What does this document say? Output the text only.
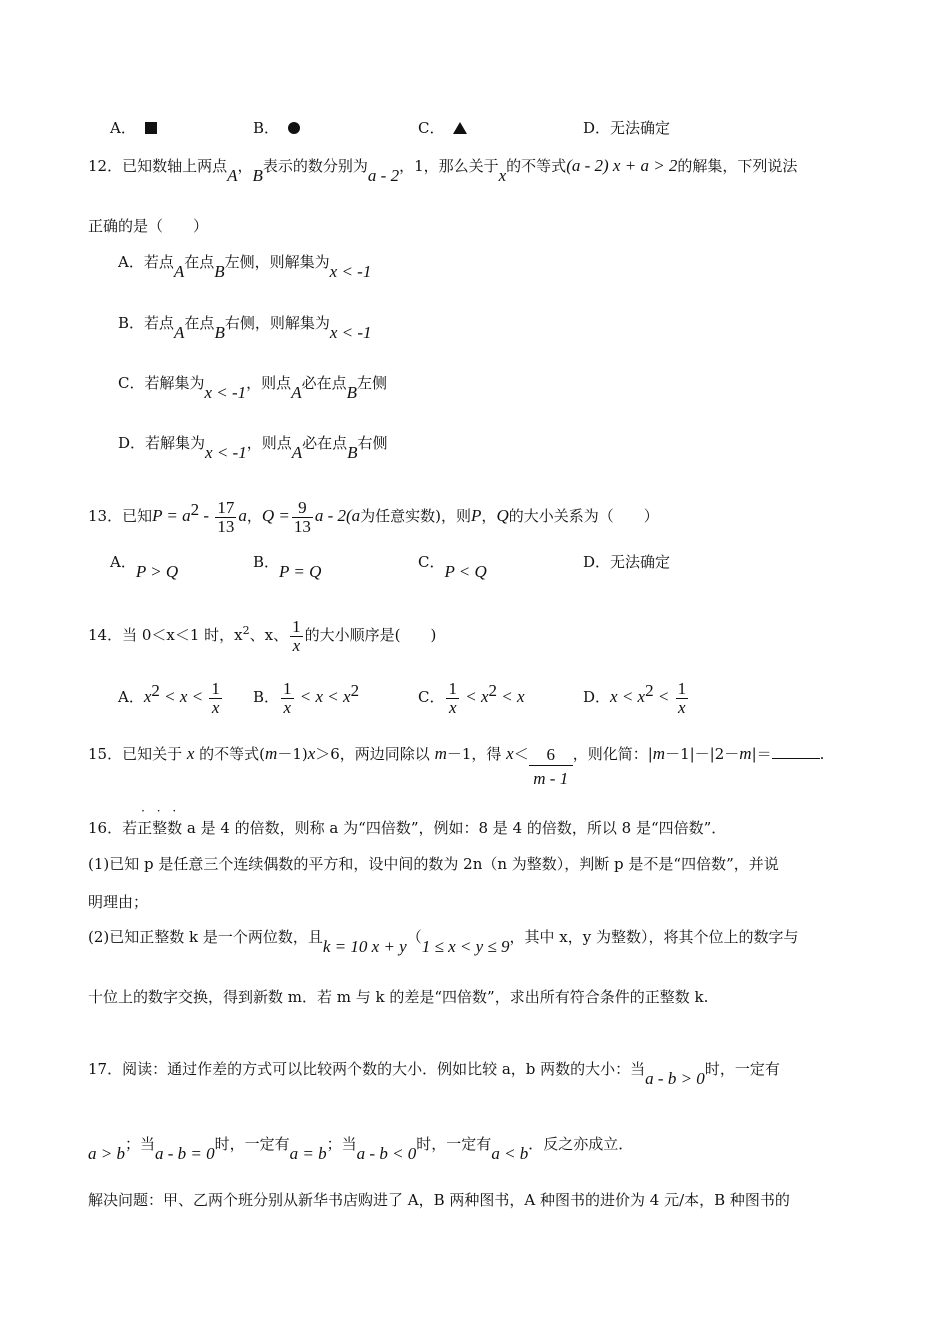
A．	B．	C．	D．无法确定
12．已知数轴上两点A，B表示的数分别为a - 2，1，那么关于x的不等式(a - 2) x + a > 2的解集，下列说法
正确的是（　　）
A．若点A在点B左侧，则解集为x < -1
B．若点A在点B右侧，则解集为x < -1
C．若解集为x < -1，则点A必在点B左侧
D．若解集为x < -1，则点A必在点B右侧
13．已知$P = a^2 - \frac{17}{13}$ a，$Q = \frac{9}{13}$ a - 2(a为任意实数)，则P，Q的大小关系为（　　）
A．P > Q	B．P = Q	C．P < Q	D．无法确定
14．当 0＜x＜1 时，$x^2$、x、 $\frac{1}{x}$ 的大小顺序是(　　)
A．$x^2 < x < \frac{1}{x}$ B． $\frac{1}{x} < x < x^2$	C． $\frac{1}{x} < x^2 < x$	D．$x < x^2 < \frac{1}{x}$
15．已知关于 x 的不等式(m－1)x＞6，两边同除以 m－1，得 $x< \frac{6}{m - 1}$ ，则化简：|m－1|－|2－m|＝	.
16．若· · · 正整数 a 是 4 的倍数，则称 a 为“四倍数”，例如：8 是 4 的倍数，所以 8 是“四倍数”．
(1)已知 p 是任意三个连续偶数的平方和，设中间的数为 2n（n 为整数），判断 p 是不是“四倍数”，并说
明理由；
(2)已知正整数 k 是一个两位数，且k = 10 x + y（1 ≤ x < y ≤ 9，其中 x，y 为整数），将其个位上的数字与
十位上的数字交换，得到新数 m．若 m 与 k 的差是“四倍数”，求出所有符合条件的正整数 k.
17．阅读：通过作差的方式可以比较两个数的大小．例如比较 a，b 两数的大小：当a - b > 0时，一定有
a > b；当a - b = 0时，一定有a = b；当a - b < 0时，一定有a < b．反之亦成立．
解决问题：甲、乙两个班分别从新华书店购进了 A，B 两种图书，A 种图书的进价为 4 元/本，B 种图书的
